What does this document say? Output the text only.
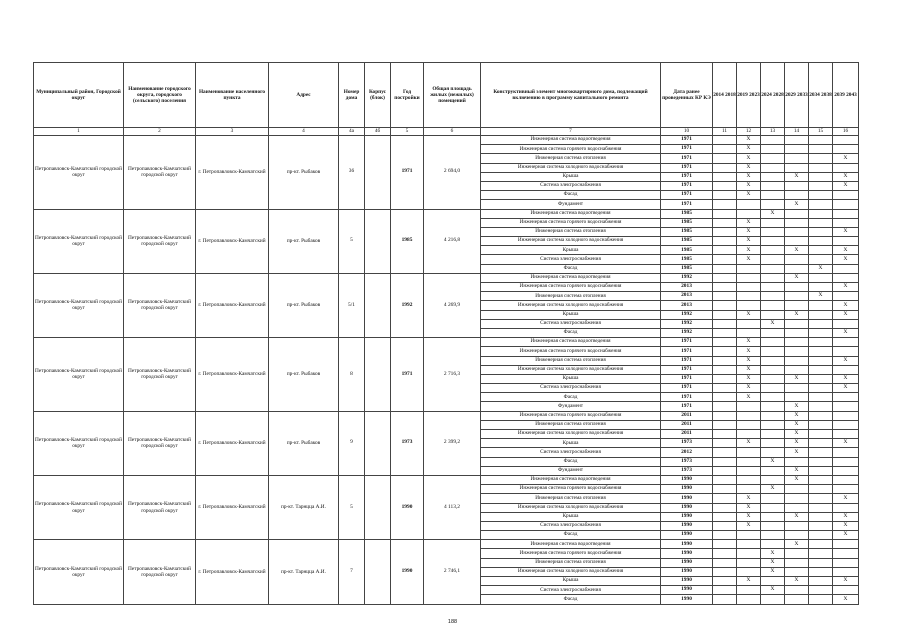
Муниципальный район, Городской округ	Наименование городского округа, городского (сельского) поселения	Наименование населенного пункта	Адрес	Номер дома	Корпус (блок)	Год постройки	Общая площадь жилых (нежилых) помещений	Конструктивный элемент многоквартирного дома, подлежащий включению в программу капитального ремонта	Дата ранее проведенных КР КЭ	2014 2018	2019 2023	2024 2028	2029 2033	2034 2038	2039 2043
1	2	3	4	4а	4б	5	6	7	10	11	12	13	14	15	16
Петропавловск-Камчатский городской округ	Петропавловск-Камчатский городской округ	г. Петропавловск-Камчатский	пр-кт. Рыбаков	36		1971	2 694,0	Инженерная система водоотведения	1971		X				
								Инженерная система горячего водоснабжения	1971		X				
								Инженерная система отопления	1971		X				X
								Инженерная система холодного водоснабжения	1971		X				
								Крыша	1971		X		X		X
								Система электроснабжения	1971		X				X
								Фасад	1971		X				
								Фундамент	1971				X		
Петропавловск-Камчатский городской округ	Петропавловск-Камчатский городской округ	г. Петропавловск-Камчатский	пр-кт. Рыбаков	5		1985	4 216,8	Инженерная система водоотведения	1985			X			
								Инженерная система горячего водоснабжения	1985		X				
								Инженерная система отопления	1985		X				X
								Инженерная система холодного водоснабжения	1985		X				
								Крыша	1985		X		X		X
								Система электроснабжения	1985		X				X
								Фасад	1985					X	
Петропавловск-Камчатский городской округ	Петропавловск-Камчатский городской округ	г. Петропавловск-Камчатский	пр-кт. Рыбаков	5/1		1992	4 269,9	Инженерная система водоотведения	1992				X		
								Инженерная система горячего водоснабжения	2013						X
								Инженерная система отопления	2013					X	
								Инженерная система холодного водоснабжения	2013						X
								Крыша	1992		X		X		X
								Система электроснабжения	1992			X			
								Фасад	1992						X
Петропавловск-Камчатский городской округ	Петропавловск-Камчатский городской округ	г. Петропавловск-Камчатский	пр-кт. Рыбаков	8		1971	2 716,3	Инженерная система водоотведения	1971		X				
								Инженерная система горячего водоснабжения	1971		X				
								Инженерная система отопления	1971		X				X
								Инженерная система холодного водоснабжения	1971		X				
								Крыша	1971		X		X		X
								Система электроснабжения	1971		X				X
								Фасад	1971		X				
								Фундамент	1971				X		
Петропавловск-Камчатский городской округ	Петропавловск-Камчатский городской округ	г. Петропавловск-Камчатский	пр-кт. Рыбаков	9		1973	2 399,2	Инженерная система горячего водоснабжения	2011				X		
								Инженерная система отопления	2011				X		
								Инженерная система холодного водоснабжения	2011				X		
								Крыша	1973		X		X		X
								Система электроснабжения	2012				X		
								Фасад	1973			X			
								Фундамент	1973				X		
Петропавловск-Камчатский городской округ	Петропавловск-Камчатский городской округ	г. Петропавловск-Камчатский	пр-кт. Тарнцца А.И.	5		1990	4 113,2	Инженерная система водоотведения	1990				X		
								Инженерная система горячего водоснабжения	1990			X			
								Инженерная система отопления	1990		X				X
								Инженерная система холодного водоснабжения	1990		X				
								Крыша	1990		X		X		X
								Система электроснабжения	1990		X				X
								Фасад	1990						X
Петропавловск-Камчатский городской округ	Петропавловск-Камчатский городской округ	г. Петропавловск-Камчатский	пр-кт. Тарнцца А.И.	7		1990	2 746,1	Инженерная система водоотведения	1990				X		
								Инженерная система горячего водоснабжения	1990			X			
								Инженерная система отопления	1990			X			
								Инженерная система холодного водоснабжения	1990			X			
								Крыша	1990		X		X		X
								Система электроснабжения	1990			X			
								Фасад	1990						X
188
